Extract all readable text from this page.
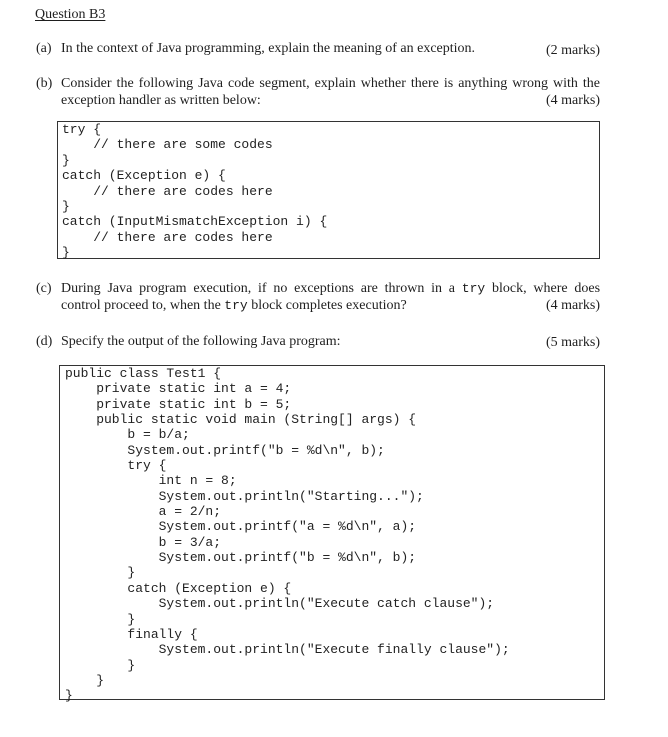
Question B3
(a) In the context of Java programming, explain the meaning of an exception.	(2 marks)
(b) Consider the following Java code segment, explain whether there is anything wrong with the
exception handler as written below:	(4 marks)
try {
// there are some codes
}
catch (Exception e) {
// there are codes here
}
catch (InputMismatchException i) {
// there are codes here
}
(c) During Java program execution, if no exceptions are thrown in a try block, where does
control proceed to, when the try block completes execution?	(4 marks)
(d) Specify the output of the following Java program:	(5 marks)
public class Test1 {
private static int a = 4;
private static int b = 5;
public static void main (String[] args) {
b = b/a;
System.out.printf("b = %d\n", b);
try {
int n = 8;
System.out.println("Starting...");
a = 2/n;
System.out.printf("a = %d\n", a);
b = 3/a;
System.out.printf("b = %d\n", b);
}
catch (Exception e) {
System.out.println("Execute catch clause");
}
finally {
System.out.println("Execute finally clause");
}
}
}
